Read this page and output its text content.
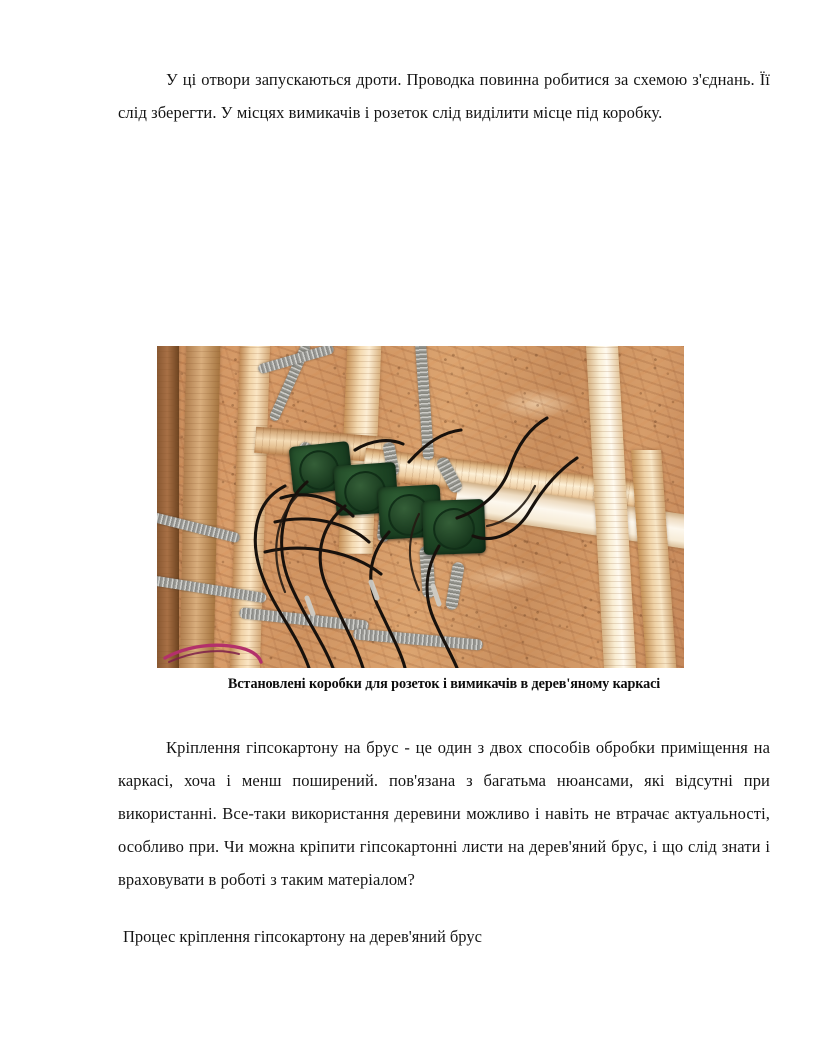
У ці отвори запускаються дроти. Проводка повинна робитися за схемою з'єднань. Її слід зберегти. У місцях вимикачів і розеток слід виділити місце під коробку.
Встановлені коробки для розеток і вимикачів в дерев'яному каркасі
Кріплення гіпсокартону на брус - це один з двох способів обробки приміщення на каркасі, хоча і менш поширений. пов'язана з багатьма нюансами, які відсутні при використанні. Все-таки використання деревини можливо і навіть не втрачає актуальності, особливо при. Чи можна кріпити гіпсокартонні листи на дерев'яний брус, і що слід знати і враховувати в роботі з таким матеріалом?
Процес кріплення гіпсокартону на дерев'яний брус
